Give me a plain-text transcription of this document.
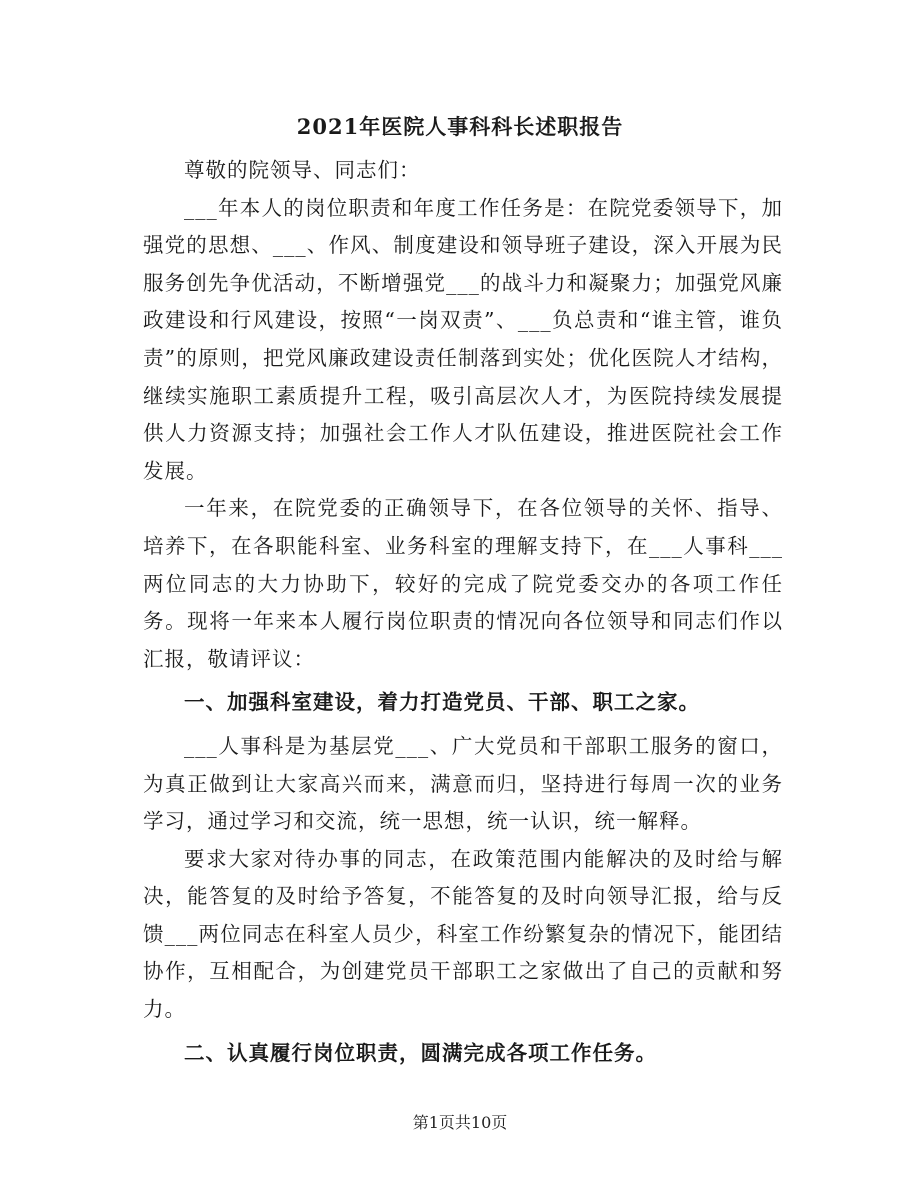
2021年医院人事科科长述职报告

尊敬的院领导、同志们：

___年本人的岗位职责和年度工作任务是：在院党委领导下，加强党的思想、___、作风、制度建设和领导班子建设，深入开展为民服务创先争优活动，不断增强党___的战斗力和凝聚力；加强党风廉政建设和行风建设，按照“一岗双责”、___负总责和“谁主管，谁负责”的原则，把党风廉政建设责任制落到实处；优化医院人才结构，继续实施职工素质提升工程，吸引高层次人才，为医院持续发展提供人力资源支持；加强社会工作人才队伍建设，推进医院社会工作发展。

一年来，在院党委的正确领导下，在各位领导的关怀、指导、培养下，在各职能科室、业务科室的理解支持下，在___人事科___两位同志的大力协助下，较好的完成了院党委交办的各项工作任务。现将一年来本人履行岗位职责的情况向各位领导和同志们作以汇报，敬请评议：

一、加强科室建设，着力打造党员、干部、职工之家。

___人事科是为基层党___、广大党员和干部职工服务的窗口，为真正做到让大家高兴而来，满意而归，坚持进行每周一次的业务学习，通过学习和交流，统一思想，统一认识，统一解释。

要求大家对待办事的同志，在政策范围内能解决的及时给与解决，能答复的及时给予答复，不能答复的及时向领导汇报，给与反馈___两位同志在科室人员少，科室工作纷繁复杂的情况下，能团结协作，互相配合，为创建党员干部职工之家做出了自己的贡献和努力。

二、认真履行岗位职责，圆满完成各项工作任务。

第1页共10页
